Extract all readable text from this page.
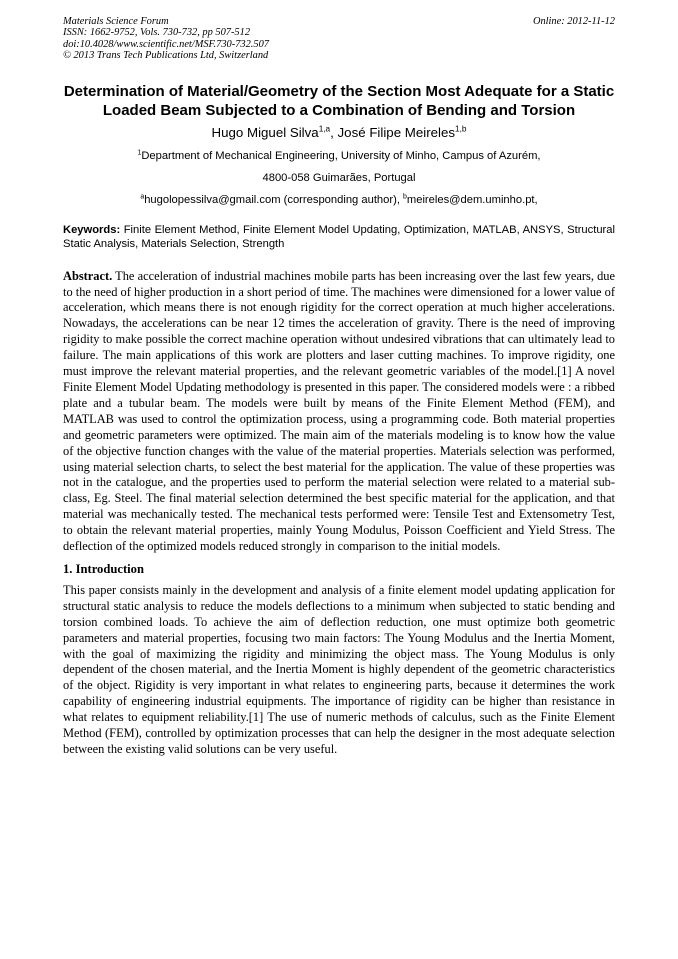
Materials Science Forum
ISSN: 1662-9752, Vols. 730-732, pp 507-512
doi:10.4028/www.scientific.net/MSF.730-732.507
© 2013 Trans Tech Publications Ltd, Switzerland
Online: 2012-11-12
Determination of Material/Geometry of the Section Most Adequate for a Static Loaded Beam Subjected to a Combination of Bending and Torsion
Hugo Miguel Silva$^{1,a}$, José Filipe Meireles$^{1,b}$
$^1$Department of Mechanical Engineering, University of Minho, Campus of Azurém,
4800-058 Guimarães, Portugal
$^a$hugolopessilva@gmail.com (corresponding author), $^b$meireles@dem.uminho.pt,
Keywords: Finite Element Method, Finite Element Model Updating, Optimization, MATLAB, ANSYS, Structural Static Analysis, Materials Selection, Strength
Abstract. The acceleration of industrial machines mobile parts has been increasing over the last few years, due to the need of higher production in a short period of time. The machines were dimensioned for a lower value of acceleration, which means there is not enough rigidity for the correct operation at much higher accelerations. Nowadays, the accelerations can be near 12 times the acceleration of gravity. There is the need of improving rigidity to make possible the correct machine operation without undesired vibrations that can ultimately lead to failure. The main applications of this work are plotters and laser cutting machines. To improve rigidity, one must improve the relevant material properties, and the relevant geometric variables of the model.[1] A novel Finite Element Model Updating methodology is presented in this paper. The considered models were : a ribbed plate and a tubular beam. The models were built by means of the Finite Element Method (FEM), and MATLAB was used to control the optimization process, using a programming code. Both material properties and geometric parameters were optimized. The main aim of the materials modeling is to know how the value of the objective function changes with the value of the material properties. Materials selection was performed, using material selection charts, to select the best material for the application. The value of these properties was not in the catalogue, and the properties used to perform the material selection were related to a material sub-class, Eg. Steel. The final material selection determined the best specific material for the application, and that material was mechanically tested. The mechanical tests performed were: Tensile Test and Extensometry Test, to obtain the relevant material properties, mainly Young Modulus, Poisson Coefficient and Yield Stress. The deflection of the optimized models reduced strongly in comparison to the initial models.
1. Introduction
This paper consists mainly in the development and analysis of a finite element model updating application for structural static analysis to reduce the models deflections to a minimum when subjected to static bending and torsion combined loads. To achieve the aim of deflection reduction, one must optimize both geometric parameters and material properties, focusing two main factors: The Young Modulus and the Inertia Moment, with the goal of maximizing the rigidity and minimizing the object mass. The Young Modulus is only dependent of the chosen material, and the Inertia Moment is highly dependent of the geometric characteristics of the object. Rigidity is very important in what relates to engineering parts, because it determines the work capability of engineering industrial equipments. The importance of rigidity can be higher than resistance in what relates to equipment reliability.[1] The use of numeric methods of calculus, such as the Finite Element Method (FEM), controlled by optimization processes that can help the designer in the most adequate selection between the existing valid solutions can be very useful.
